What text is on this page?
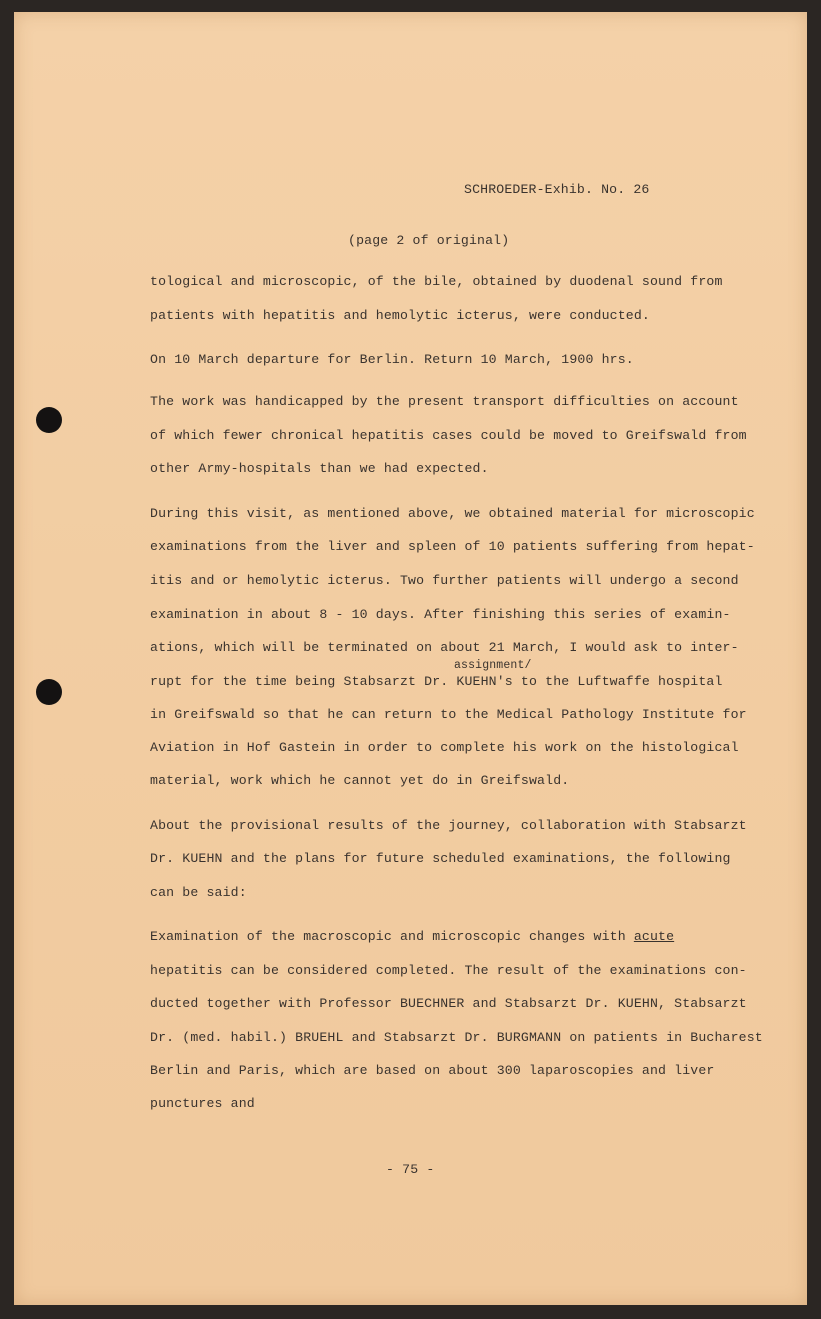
SCHROEDER-Exhib. No. 26
(page 2 of original)
tological and microscopic, of the bile, obtained by duodenal sound from
patients with hepatitis and hemolytic icterus, were conducted.
On 10 March departure for Berlin. Return 10 March, 1900 hrs.
The work was handicapped by the present transport difficulties on account
of which fewer chronical hepatitis cases could be moved to Greifswald from
other Army-hospitals than we had expected.
During this visit, as mentioned above, we obtained material for microscopic
examinations from the liver and spleen of 10 patients suffering from hepat-
itis and or hemolytic icterus. Two further patients will undergo a second
examination in about 8 - 10 days. After finishing this series of examin-
ations, which will be terminated on about 21 March, I would ask to inter-
assignment/
rupt for the time being Stabsarzt Dr. KUEHN's to the Luftwaffe hospital
in Greifswald so that he can return to the Medical Pathology Institute for
Aviation in Hof Gastein in order to complete his work on the histological
material, work which he cannot yet do in Greifswald.
About the provisional results of the journey, collaboration with Stabsarzt
Dr. KUEHN and the plans for future scheduled examinations, the following
can be said:
Examination of the macroscopic and microscopic changes with acute
hepatitis can be considered completed. The result of the examinations con-
ducted together with Professor BUECHNER and Stabsarzt Dr. KUEHN, Stabsarzt
Dr. (med. habil.) BRUEHL and Stabsarzt Dr. BURGMANN on patients in Bucharest
Berlin and Paris, which are based on about 300 laparoscopies and liver
punctures and
- 75 -
